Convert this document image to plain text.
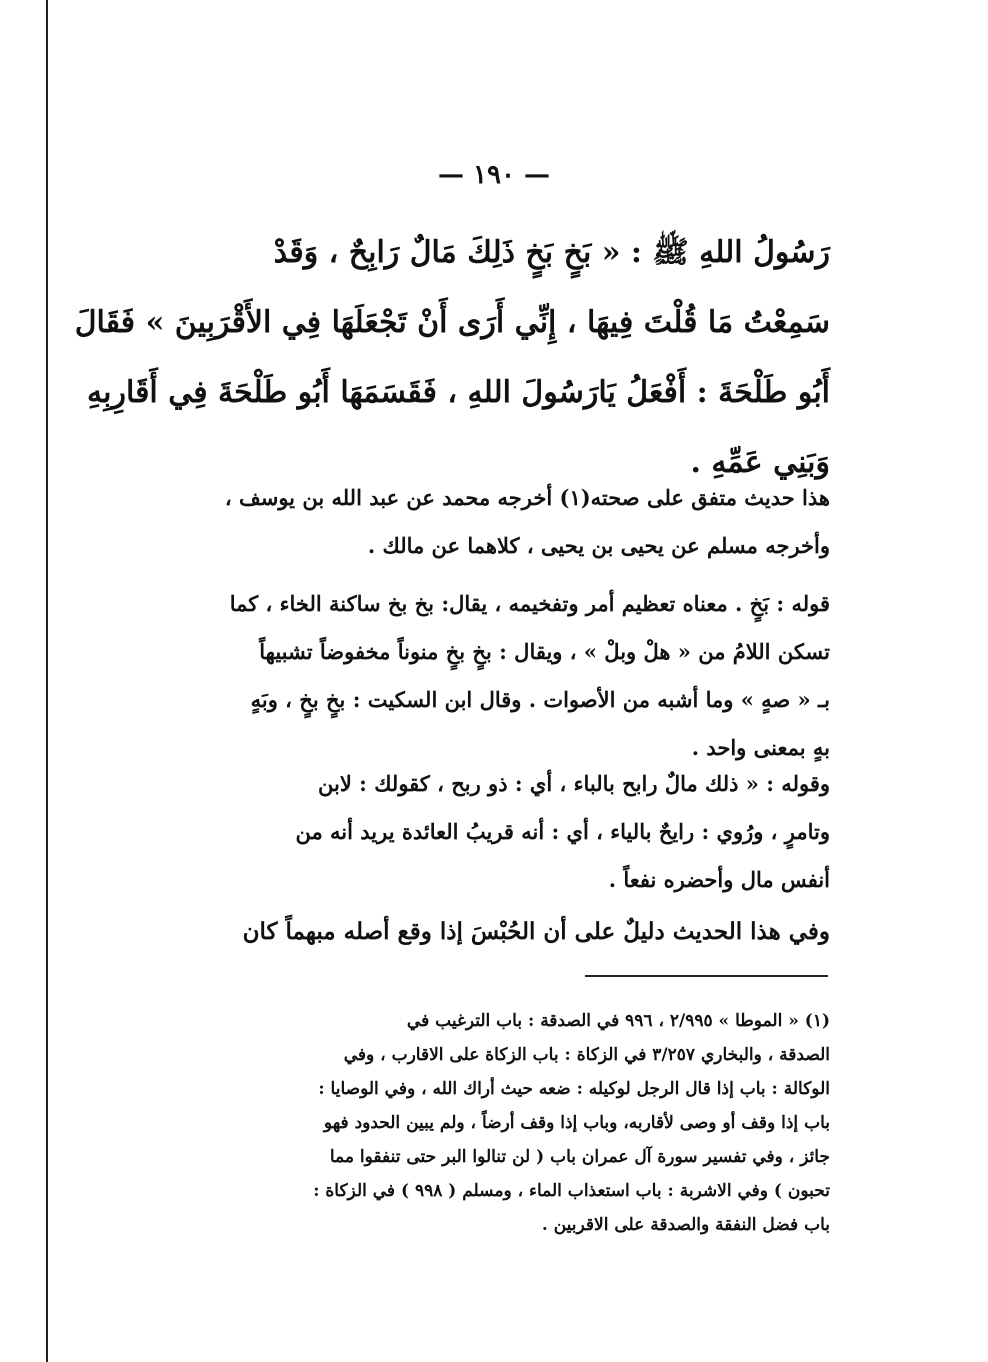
— ١٩٠ —
رَسُولُ اللهِ ﷺ : « بَخٍ بَخٍ ذَلِكَ مَالٌ رَابِحٌ ، وَقَدْ
سَمِعْتُ مَا قُلْتَ فِيهَا ، إِنِّي أَرَى أَنْ تَجْعَلَهَا فِي الأَقْرَبِينَ » فَقَالَ
أَبُو طَلْحَةَ : أَفْعَلُ يَارَسُولَ اللهِ ، فَقَسَمَهَا أَبُو طَلْحَةَ فِي أَقَارِبِهِ
وَبَنِي عَمِّهِ .
هذا حديث متفق على صحته(١) أخرجه محمد عن عبد الله بن يوسف ،
وأخرجه مسلم عن يحيى بن يحيى ، كلاهما عن مالك .
قوله : بَخٍ . معناه تعظيم أمر وتفخيمه ، يقال: بخ بخ ساكنة الخاء ، كما
تسكن اللامُ من « هلْ وبلْ » ، ويقال : بخٍ بخٍ منوناً مخفوضاً تشبيهاً
بـ « صهٍ » وما أشبه من الأصوات . وقال ابن السكيت : بخٍ بخٍ ، وبَهٍ
بهٍ بمعنى واحد .
وقوله : « ذلك مالٌ رابح بالباء ، أي : ذو ربح ، كقولك : لابن
وتامرٍ ، ورُوي : رايحٌ بالياء ، أي : أنه قريبُ العائدة يريد أنه من
أنفس مال وأحضره نفعاً .
وفي هذا الحديث دليلٌ على أن الحُبْسَ إذا وقع أصله مبهماً كان
(١) « الموطا » ٢/٩٩٥ ، ٩٩٦ في الصدقة : باب الترغيب في
الصدقة ، والبخاري ٣/٢٥٧ في الزكاة : باب الزكاة على الاقارب ، وفي
الوكالة : باب إذا قال الرجل لوكيله : ضعه حيث أراك الله ، وفي الوصايا :
باب إذا وقف أو وصى لأقاربه، وباب إذا وقف أرضاً ، ولم يبين الحدود فهو
جائز ، وفي تفسير سورة آل عمران باب ( لن تنالوا البر حتى تنفقوا مما
تحبون ) وفي الاشربة : باب استعذاب الماء ، ومسلم ( ٩٩٨ ) في الزكاة :
باب فضل النفقة والصدقة على الاقربين .
